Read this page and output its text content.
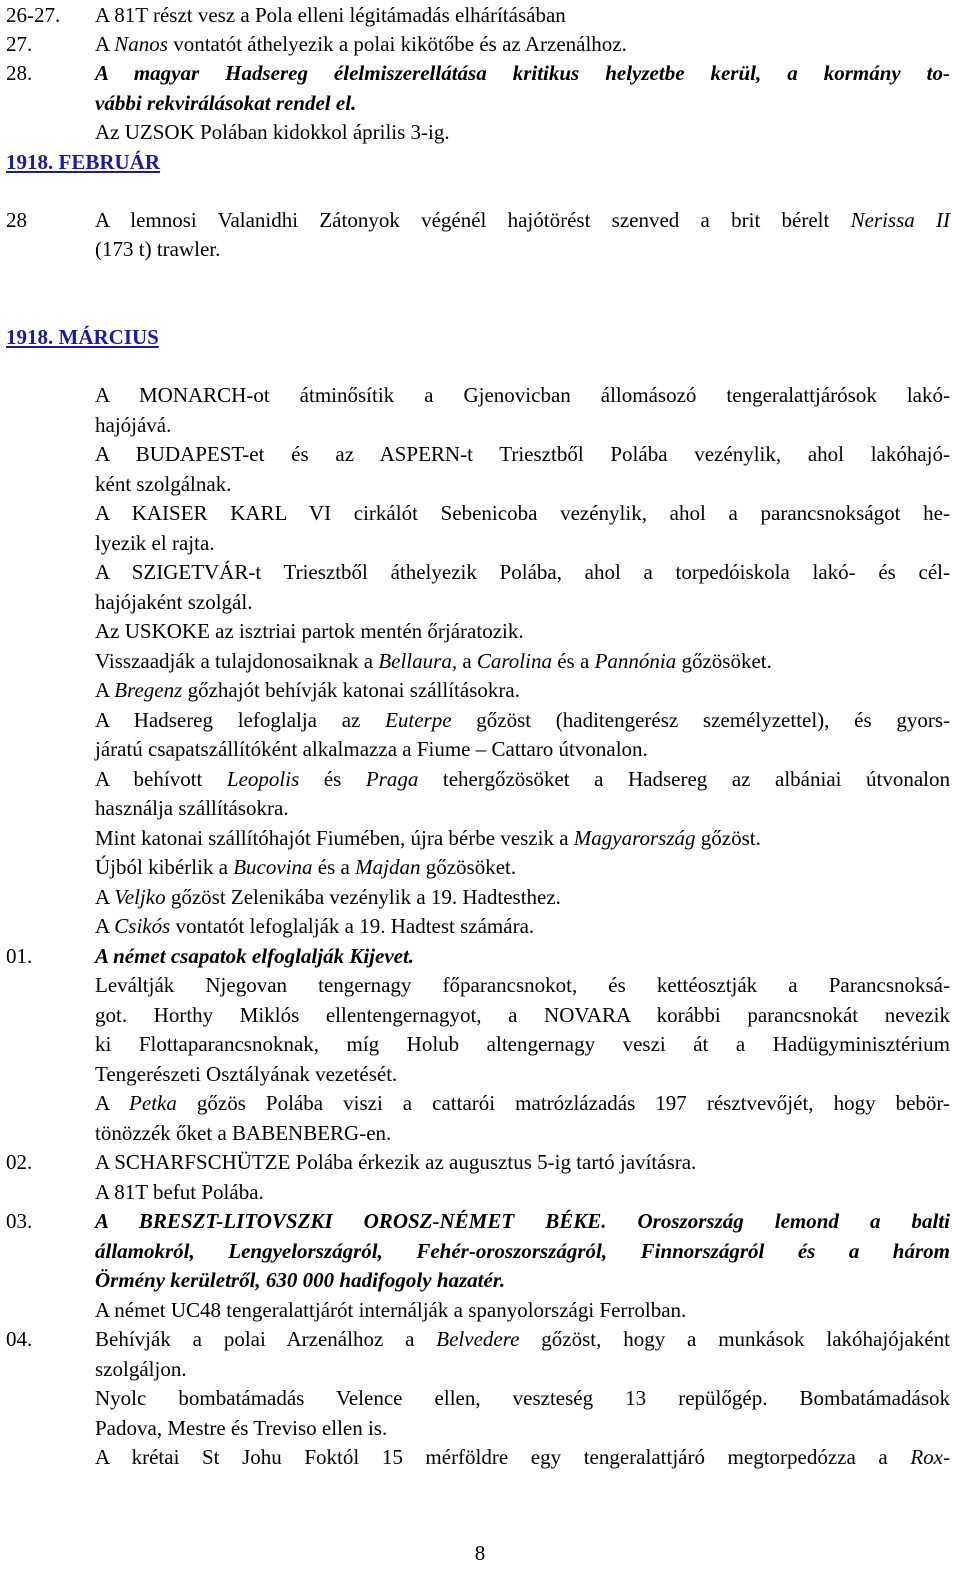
26-27. A 81T részt vesz a Pola elleni légitámadás elhárításában
27.	A Nanos vontatót áthelyezik a polai kikötőbe és az Arzenálhoz.
28.	A magyar Hadsereg élelmiszerellátása kritikus helyzetbe kerül, a kormány to-
vábbi rekvirálásokat rendel el.
Az UZSOK Polában kidokkol április 3-ig.
1918. FEBRUÁR
28	A lemnosi Valanidhi Zátonyok végénél hajótörést szenved a brit bérelt Nerissa II
(173 t) trawler.
1918. MÁRCIUS
A MONARCH-ot átminősítik a Gjenovicban állomásozó tengeralattjárósok lakó-
hajójává.
A BUDAPEST-et és az ASPERN-t Triesztből Polába vezénylik, ahol lakóhajó-
ként szolgálnak.
A KAISER KARL VI cirkálót Sebenicoba vezénylik, ahol a parancsnokságot he-
lyezik el rajta.
A SZIGETVÁR-t Triesztből áthelyezik Polába, ahol a torpedóiskola lakó- és cél-
hajójaként szolgál.
Az USKOKE az isztriai partok mentén őrjáratozik.
Visszaadják a tulajdonosaiknak a Bellaura, a Carolina és a Pannónia gőzösöket.
A Bregenz gőzhajót behívják katonai szállításokra.
A Hadsereg lefoglalja az Euterpe gőzöst (haditengerész személyzettel), és gyors-
járatú csapatszállítóként alkalmazza a Fiume – Cattaro útvonalon.
A behívott Leopolis és Praga tehergőzösöket a Hadsereg az albániai útvonalon
használja szállításokra.
Mint katonai szállítóhajót Fiumében, újra bérbe veszik a Magyarország gőzöst.
Újból kibérlik a Bucovina és a Majdan gőzösöket.
A Veljko gőzöst Zelenikába vezénylik a 19. Hadtesthez.
A Csikós vontatót lefoglalják a 19. Hadtest számára.
01.	A német csapatok elfoglalják Kijevet.
Leváltják Njegovan tengernagy főparancsnokot, és kettéosztják a Parancsnoksá-
got. Horthy Miklós ellentengernagyot, a NOVARA korábbi parancsnokát nevezik
ki Flottaparancsnoknak, míg Holub altengernagy veszi át a Hadügyminisztérium
Tengerészeti Osztályának vezetését.
A Petka gőzös Polába viszi a cattarói matrózlázadás 197 résztvevőjét, hogy bebör-
tönözzék őket a BABENBERG-en.
02.	A SCHARFSCHÜTZE Polába érkezik az augusztus 5-ig tartó javításra.
A 81T befut Polába.
03.	A BRESZT-LITOVSZKI OROSZ-NÉMET BÉKE. Oroszország lemond a balti
államokról, Lengyelországról, Fehér-oroszországról, Finnországról és a három
Örmény kerületről, 630 000 hadifogoly hazatér.
A német UC48 tengeralattjárót internálják a spanyolországi Ferrolban.
04.	Behívják a polai Arzenálhoz a Belvedere gőzöst, hogy a munkások lakóhajójaként
szolgáljon.
Nyolc bombatámadás Velence ellen, veszteség 13 repülőgép. Bombatámadások
Padova, Mestre és Treviso ellen is.
A krétai St Johu Foktól 15 mérföldre egy tengeralattjáró megtorpedózza a Rox-
8
